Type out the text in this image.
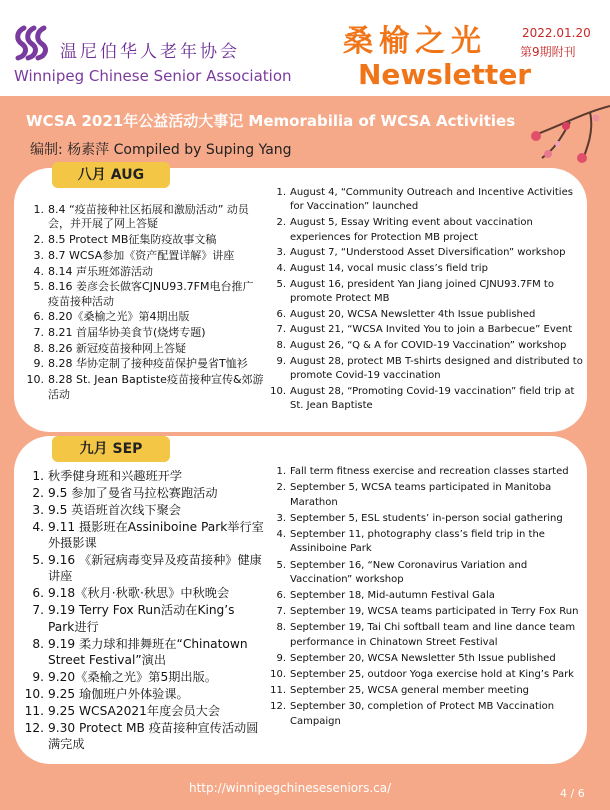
温尼伯华人老年协会
Winnipeg Chinese Senior Association
桑榆之光
Newsletter
2022.01.20
第9期附刊
WCSA 2021年公益活动大事记 Memorabilia of WCSA Activities
编制: 杨素萍 Compiled by Suping Yang
八月 AUG
九月 SEP
1. 8.4 “疫苗接种社区拓展和激励活动” 动员会，并开展了网上答疑
2. 8.5 Protect MB征集防疫故事文稿
3. 8.7 WCSA参加《资产配置详解》讲座
4. 8.14 声乐班郊游活动
5. 8.16 姜彦会长做客CJNU93.7FM电台推广疫苗接种活动
6. 8.20《桑榆之光》第4期出版
7. 8.21 首届华协美食节(烧烤专题)
8. 8.26 新冠疫苗接种网上答疑
9. 8.28 华协定制了接种疫苗保护曼省T恤衫
10. 8.28 St. Jean Baptiste疫苗接种宣传&郊游活动
1. August 4, “Community Outreach and Incentive Activities for Vaccination” launched
2. August 5, Essay Writing event about vaccination experiences for Protection MB project
3. August 7, “Understood Asset Diversification” workshop
4. August 14, vocal music class’s field trip
5. August 16, president Yan Jiang joined CJNU93.7FM to promote Protect MB
6. August 20, WCSA Newsletter 4th Issue published
7. August 21, “WCSA Invited You to join a Barbecue” Event
8. August 26, “Q & A for COVID-19 Vaccination” workshop
9. August 28, protect MB T-shirts designed and distributed to promote Covid-19 vaccination
10. August 28, “Promoting Covid-19 vaccination” field trip at St. Jean Baptiste
1. 秋季健身班和兴趣班开学
2. 9.5 参加了曼省马拉松赛跑活动
3. 9.5 英语班首次线下聚会
4. 9.11 摄影班在Assiniboine Park举行室外摄影课
5. 9.16 《新冠病毒变异及疫苗接种》健康讲座
6. 9.18《秋月·秋歌·秋思》中秋晚会
7. 9.19 Terry Fox Run活动在King’s Park进行
8. 9.19 柔力球和排舞班在“Chinatown Street Festival”演出
9. 9.20《桑榆之光》第5期出版。
10. 9.25 瑜伽班户外体验课。
11. 9.25 WCSA2021年度会员大会
12. 9.30 Protect MB 疫苗接种宣传活动圆满完成
1. Fall term fitness exercise and recreation classes started
2. September 5, WCSA teams participated in Manitoba Marathon
3. September 5, ESL students’ in-person social gathering
4. September 11, photography class’s field trip in the Assiniboine Park
5. September 16, “New Coronavirus Variation and Vaccination” workshop
6. September 18, Mid-autumn Festival Gala
7. September 19, WCSA teams participated in Terry Fox Run
8. September 19, Tai Chi softball team and line dance team performance in Chinatown Street Festival
9. September 20, WCSA Newsletter 5th Issue published
10. September 25, outdoor Yoga exercise hold at King’s Park
11. September 25, WCSA general member meeting
12. September 30, completion of Protect MB Vaccination Campaign
http://winnipegchineseseniors.ca/	4 / 6
